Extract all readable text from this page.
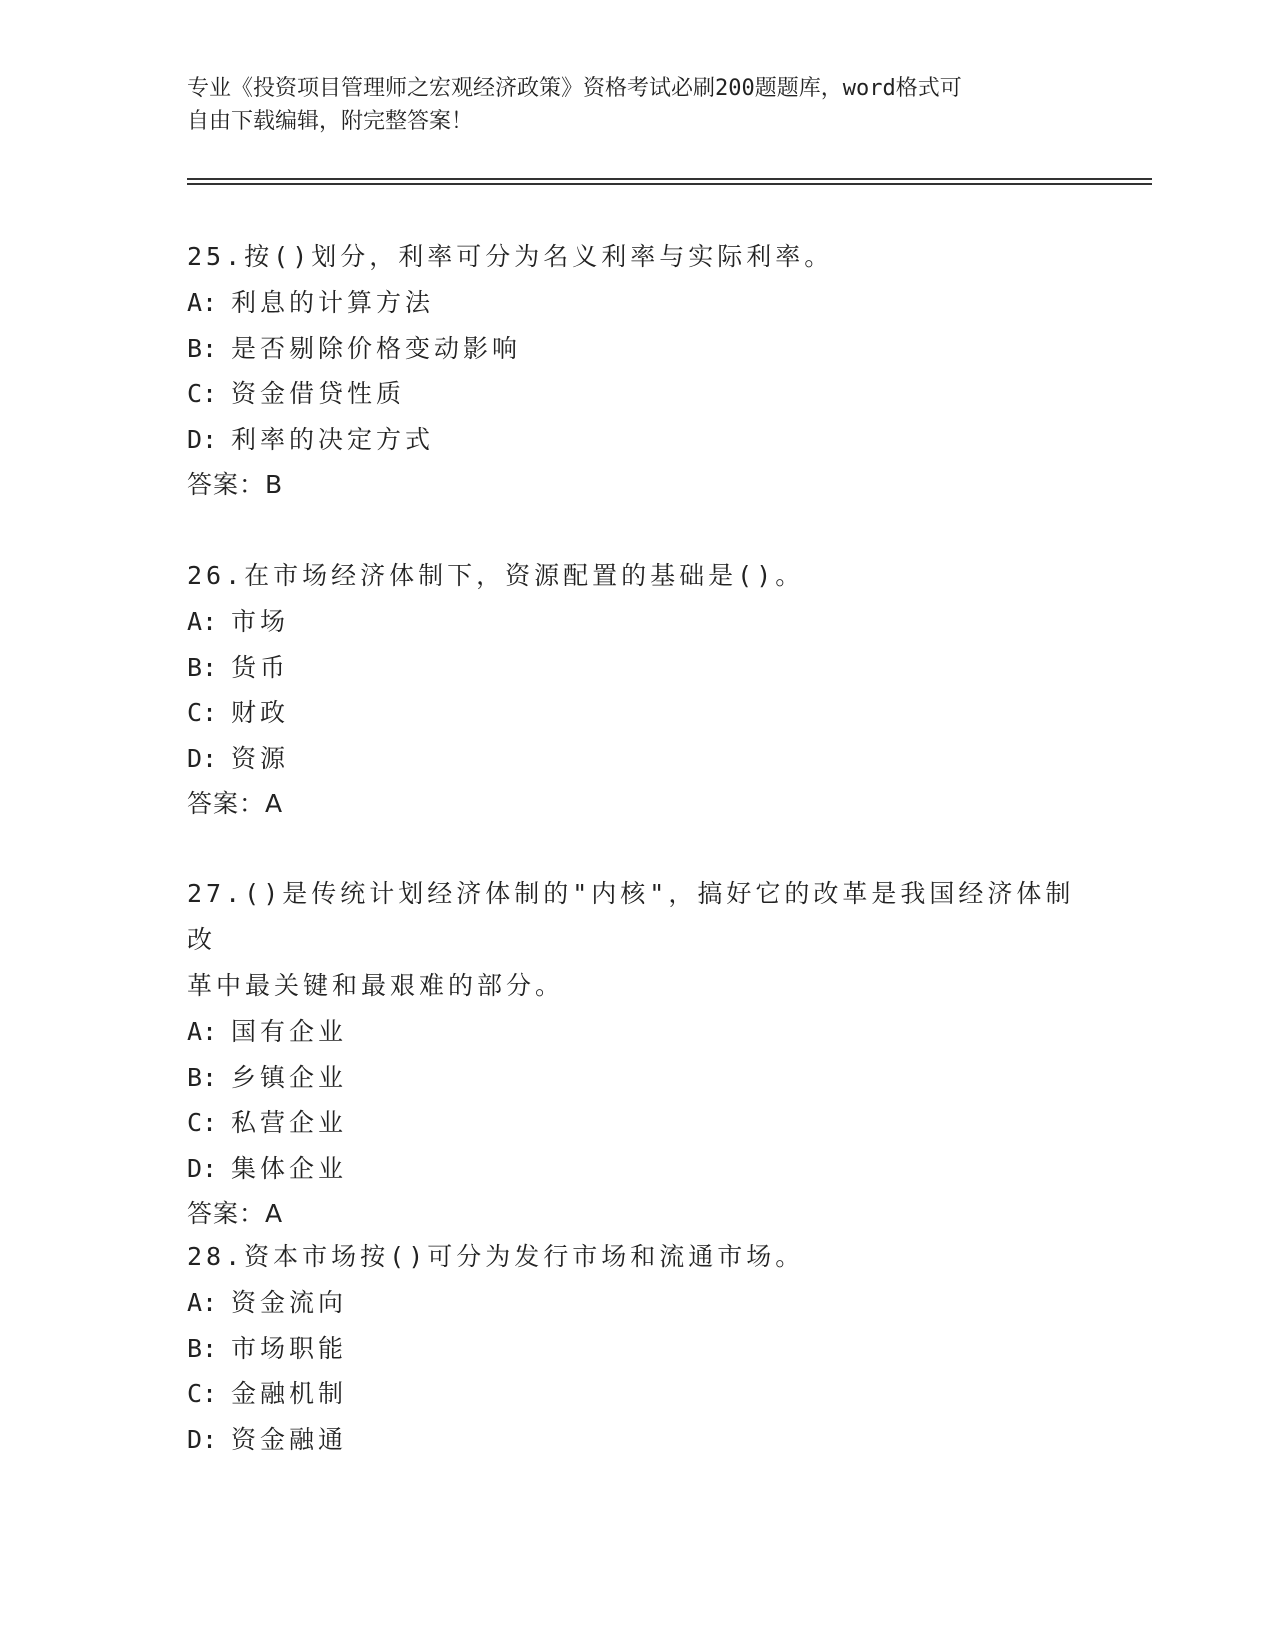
专业《投资项目管理师之宏观经济政策》资格考试必刷200题题库，word格式可
自由下载编辑，附完整答案！
25.按()划分，利率可分为名义利率与实际利率。
A: 利息的计算方法
B: 是否剔除价格变动影响
C: 资金借贷性质
D: 利率的决定方式
答案：B
26.在市场经济体制下，资源配置的基础是()。
A: 市场
B: 货币
C: 财政
D: 资源
答案：A
27.()是传统计划经济体制的"内核"，搞好它的改革是我国经济体制改
革中最关键和最艰难的部分。
A: 国有企业
B: 乡镇企业
C: 私营企业
D: 集体企业
答案：A
28.资本市场按()可分为发行市场和流通市场。
A: 资金流向
B: 市场职能
C: 金融机制
D: 资金融通
